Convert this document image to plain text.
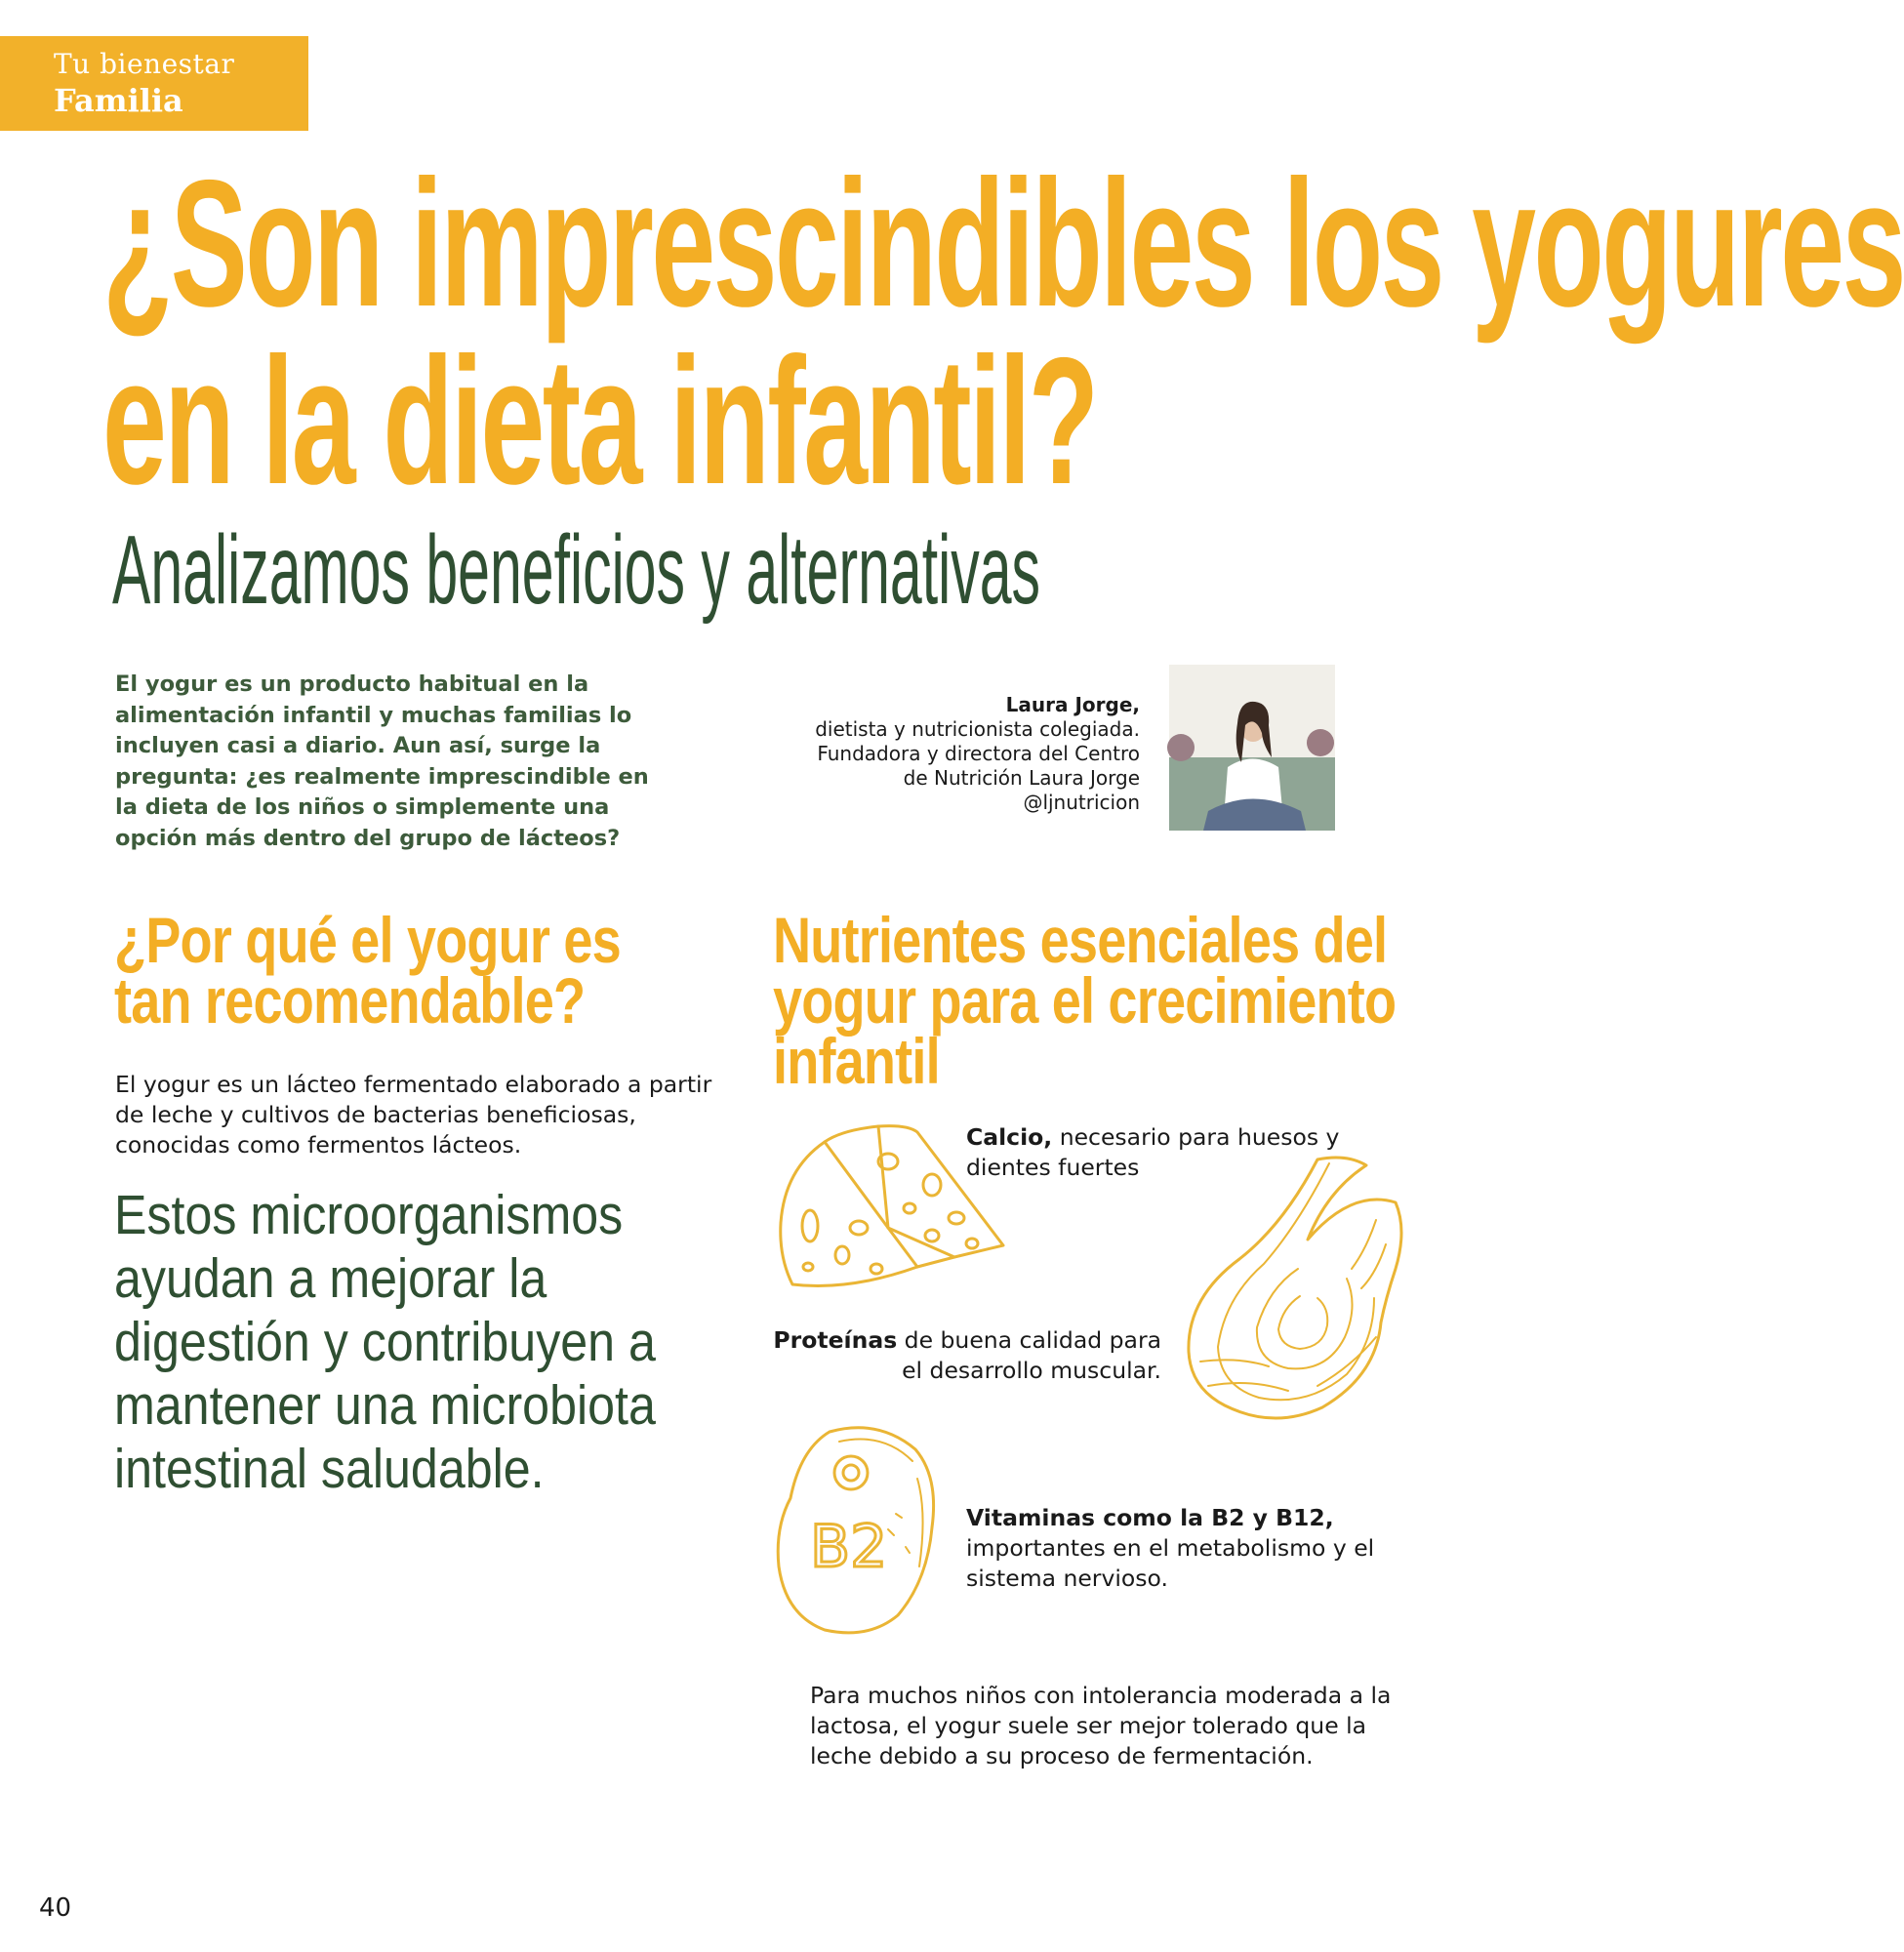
Tu bienestar
Familia
¿Son imprescindibles los yogures
en la dieta infantil?
Analizamos beneficios y alternativas
El yogur es un producto habitual en la alimentación infantil y muchas familias lo incluyen casi a diario. Aun así, surge la pregunta: ¿es realmente imprescindible en la dieta de los niños o simplemente una opción más dentro del grupo de lácteos?
Laura Jorge,
dietista y nutricionista colegiada.
Fundadora y directora del Centro
de Nutrición Laura Jorge
@ljnutricion
¿Por qué el yogur es
tan recomendable?
El yogur es un lácteo fermentado elaborado a partir de leche y cultivos de bacterias beneficiosas, conocidas como fermentos lácteos.
Estos microorganismos ayudan a mejorar la digestión y contribuyen a mantener una microbiota intestinal saludable.
Nutrientes esenciales del
yogur para el crecimiento
infantil
B2
Calcio, necesario para huesos y dientes fuertes
Proteínas de buena calidad para el desarrollo muscular.
Vitaminas como la B2 y B12,
importantes en el metabolismo y el sistema nervioso.
Para muchos niños con intolerancia moderada a la lactosa, el yogur suele ser mejor tolerado que la leche debido a su proceso de fermentación.
40
